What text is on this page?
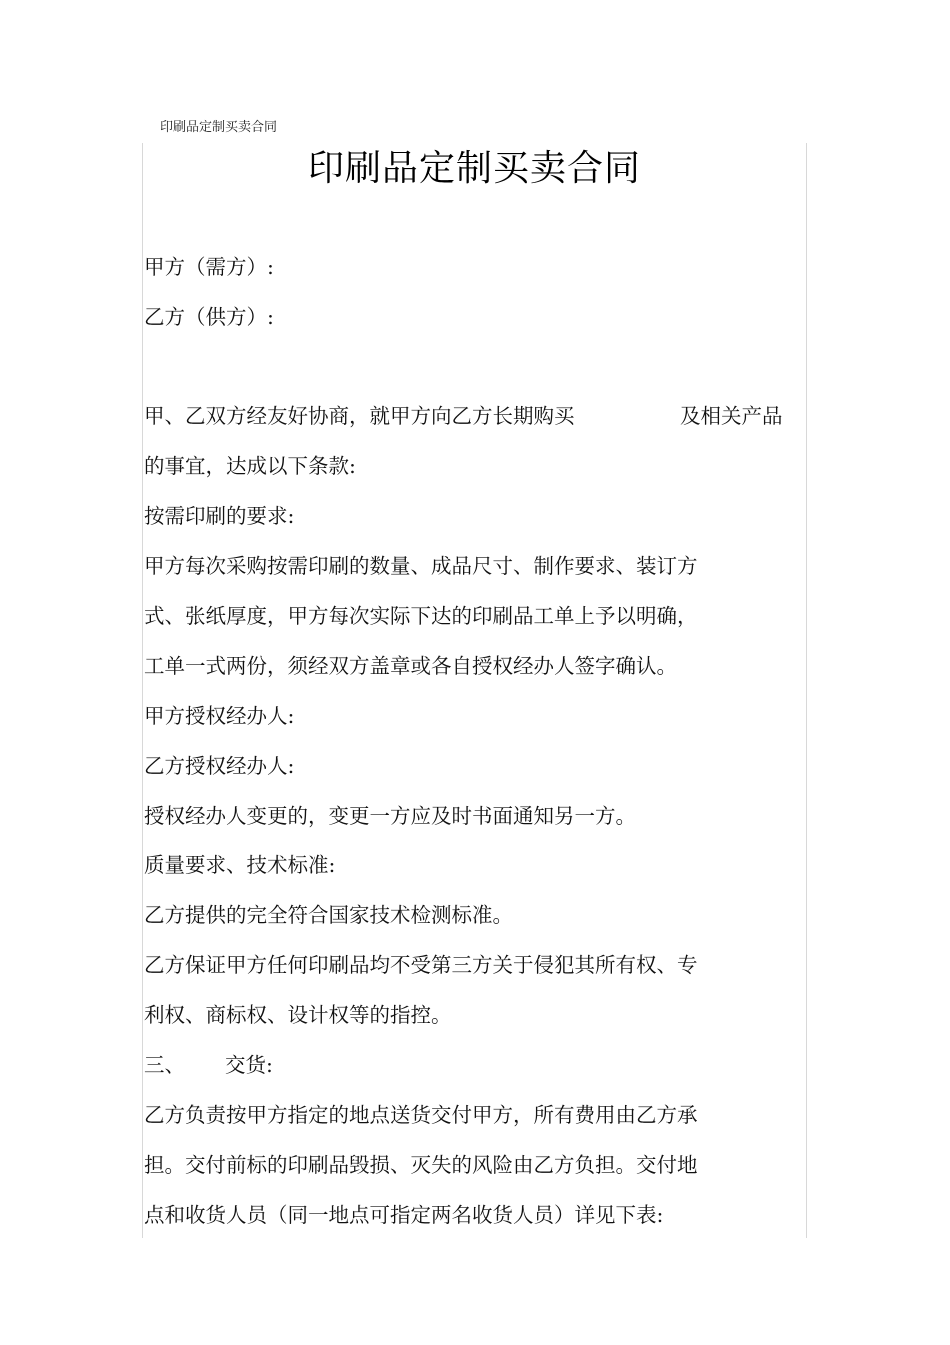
印刷品定制买卖合同
印刷品定制买卖合同
甲方（需方）:
乙方（供方）:
甲、乙双方经友好协商，就甲方向乙方长期购买	及相关产品
的事宜，达成以下条款:
按需印刷的要求:
甲方每次采购按需印刷的数量、成品尺寸、制作要求、装订方
式、张纸厚度，甲方每次实际下达的印刷品工单上予以明确，
工单一式两份，须经双方盖章或各自授权经办人签字确认。
甲方授权经办人:
乙方授权经办人:
授权经办人变更的，变更一方应及时书面通知另一方。
质量要求、技术标准:
乙方提供的完全符合国家技术检测标准。
乙方保证甲方任何印刷品均不受第三方关于侵犯其所有权、专
利权、商标权、设计权等的指控。
三、 交货:
乙方负责按甲方指定的地点送货交付甲方，所有费用由乙方承
担。交付前标的印刷品毁损、灭失的风险由乙方负担。交付地
点和收货人员（同一地点可指定两名收货人员）详见下表:
